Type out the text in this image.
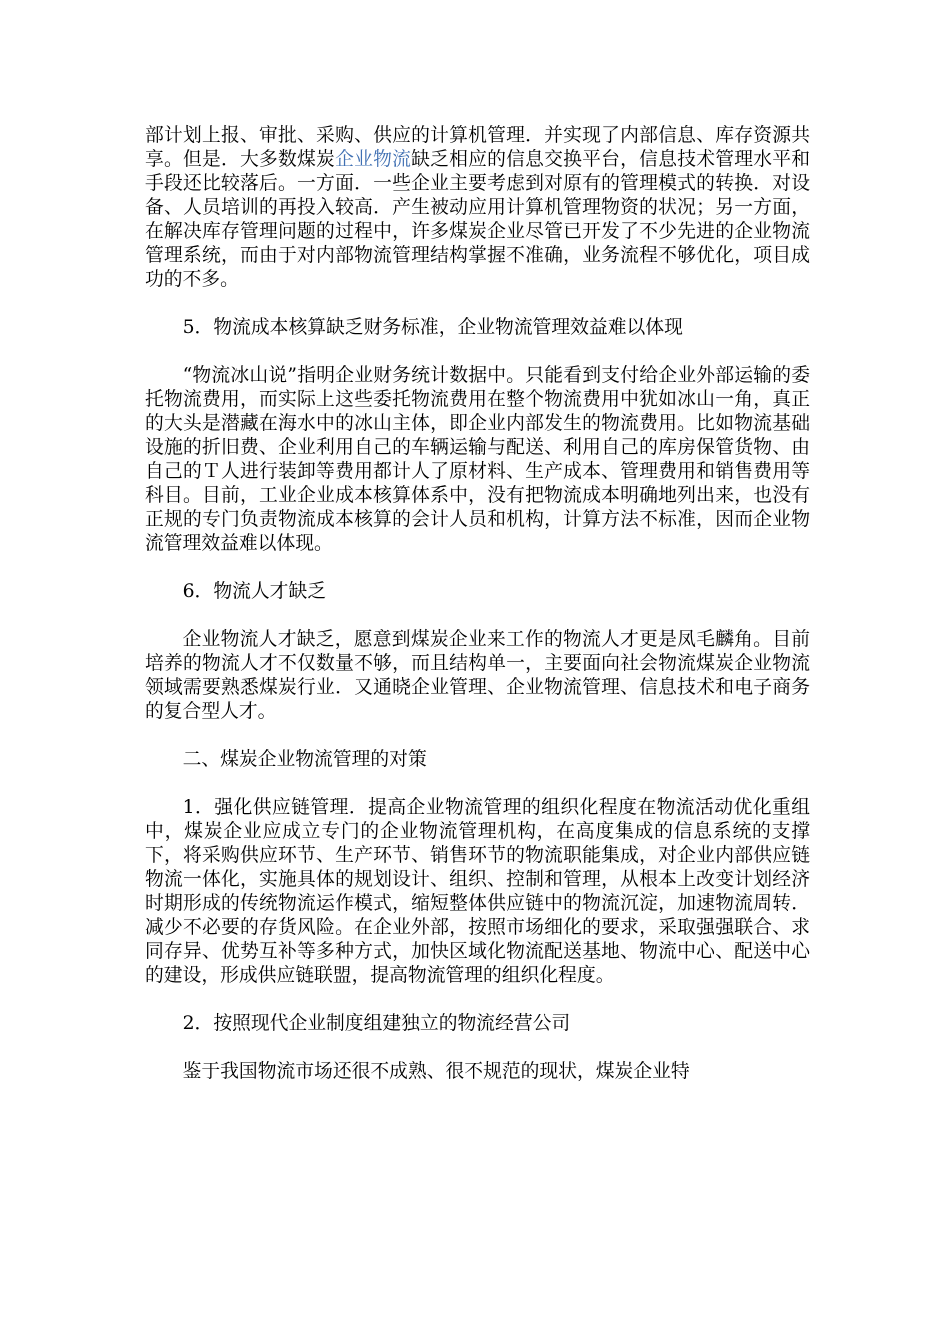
部计划上报、审批、采购、供应的计算机管理．并实现了内部信息、库存资源共享。但是．大多数煤炭企业物流缺乏相应的信息交换平台，信息技术管理水平和手段还比较落后。一方面．一些企业主要考虑到对原有的管理模式的转换．对设备、人员培训的再投入较高．产生被动应用计算机管理物资的状况；另一方面，在解决库存管理问题的过程中，许多煤炭企业尽管已开发了不少先进的企业物流管理系统，而由于对内部物流管理结构掌握不准确，业务流程不够优化，项目成功的不多。

5．物流成本核算缺乏财务标准，企业物流管理效益难以体现

“物流冰山说”指明企业财务统计数据中。只能看到支付给企业外部运输的委托物流费用，而实际上这些委托物流费用在整个物流费用中犹如冰山一角，真正的大头是潜藏在海水中的冰山主体，即企业内部发生的物流费用。比如物流基础设施的折旧费、企业利用自己的车辆运输与配送、利用自己的库房保管货物、由自己的Ｔ人进行装卸等费用都计人了原材料、生产成本、管理费用和销售费用等科目。目前，工业企业成本核算体系中，没有把物流成本明确地列出来，也没有正规的专门负责物流成本核算的会计人员和机构，计算方法不标准，因而企业物流管理效益难以体现。

6．物流人才缺乏

企业物流人才缺乏，愿意到煤炭企业来工作的物流人才更是凤毛麟角。目前培养的物流人才不仅数量不够，而且结构单一，主要面向社会物流煤炭企业物流领域需要熟悉煤炭行业．又通晓企业管理、企业物流管理、信息技术和电子商务的复合型人才。

二、煤炭企业物流管理的对策

1．强化供应链管理．提高企业物流管理的组织化程度在物流活动优化重组中，煤炭企业应成立专门的企业物流管理机构，在高度集成的信息系统的支撑下，将采购供应环节、生产环节、销售环节的物流职能集成，对企业内部供应链物流一体化，实施具体的规划设计、组织、控制和管理，从根本上改变计划经济时期形成的传统物流运作模式，缩短整体供应链中的物流沉淀，加速物流周转．减少不必要的存货风险。在企业外部，按照市场细化的要求，采取强强联合、求同存异、优势互补等多种方式，加快区域化物流配送基地、物流中心、配送中心的建设，形成供应链联盟，提高物流管理的组织化程度。

2．按照现代企业制度组建独立的物流经营公司

鉴于我国物流市场还很不成熟、很不规范的现状，煤炭企业特
